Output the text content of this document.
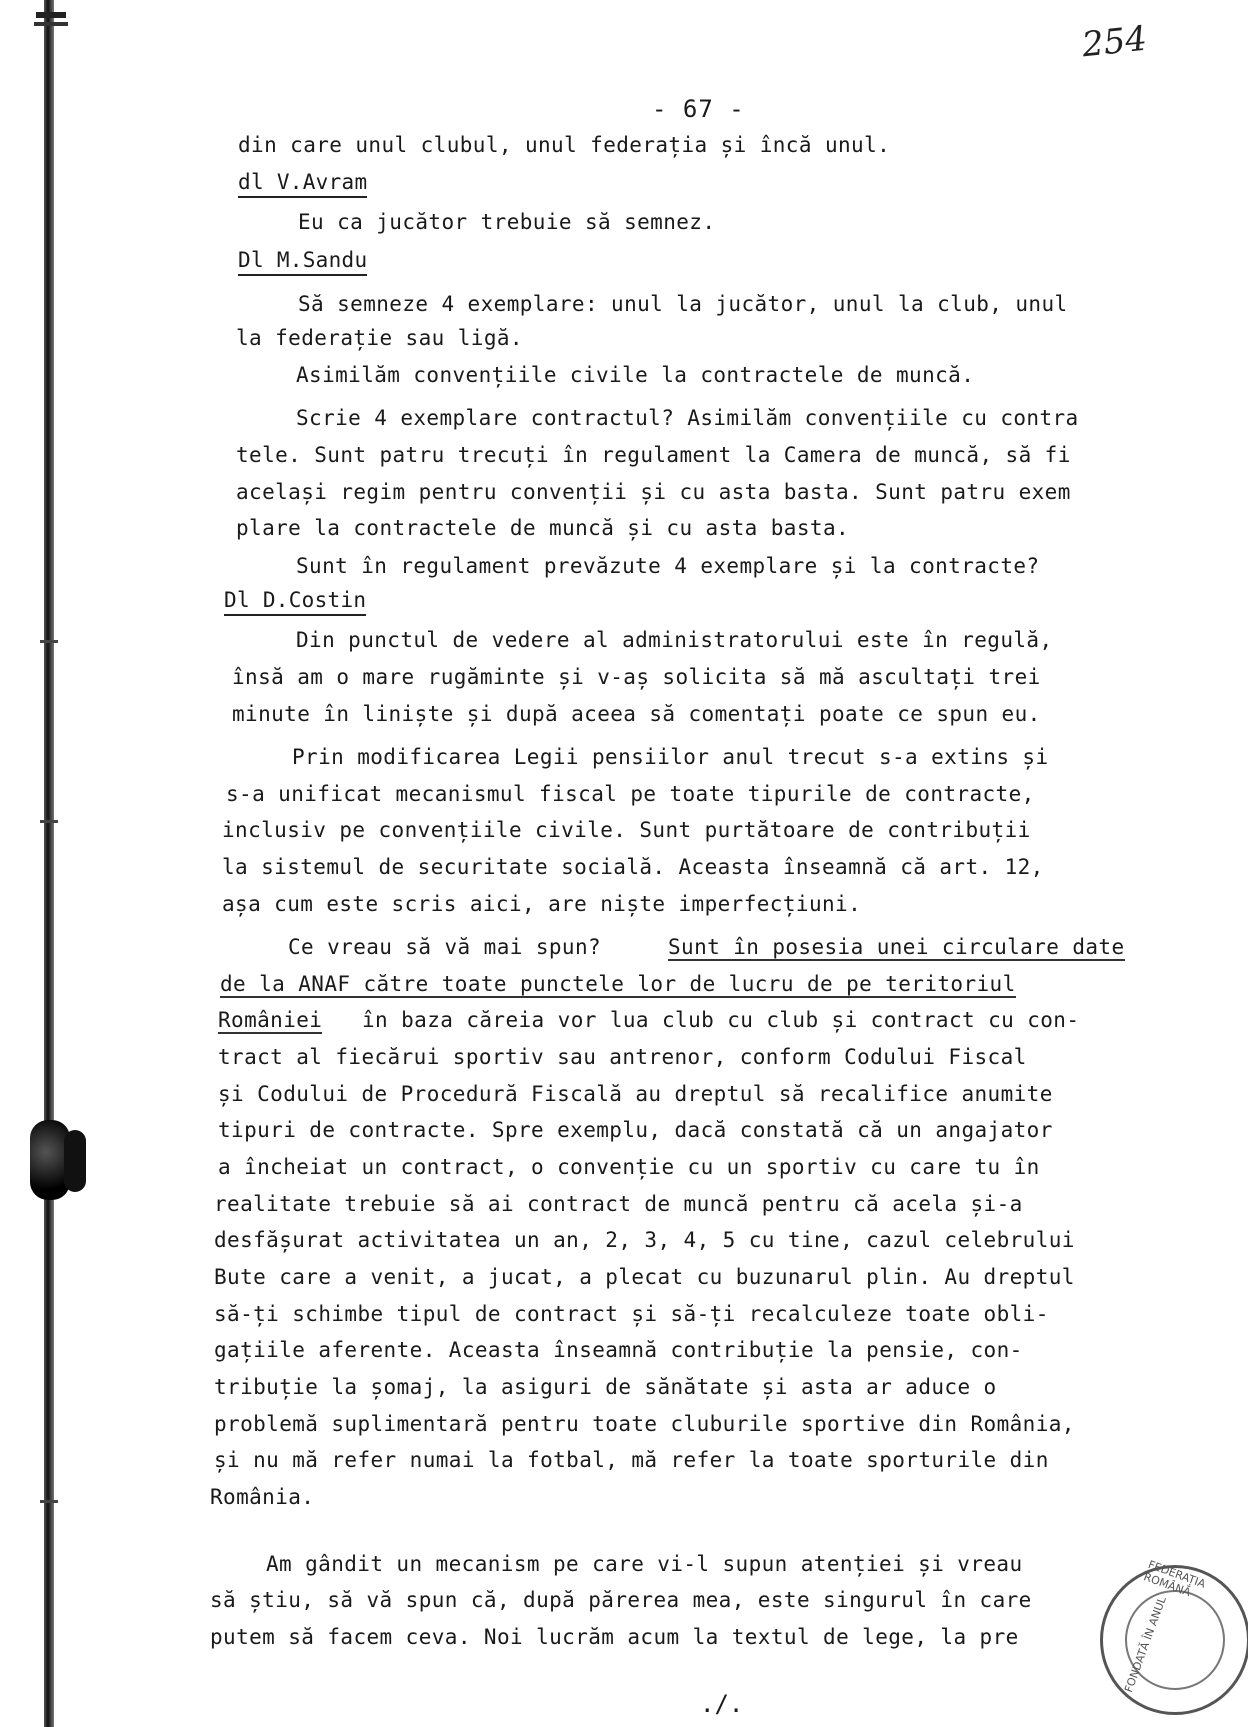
254
- 67 -
din care unul clubul, unul federația și încă unul.
dl V.Avram
Eu ca jucător trebuie să semnez.
Dl M.Sandu
Să semneze 4 exemplare: unul la jucător, unul la club, unul
la federație sau ligă.
Asimilăm convențiile civile la contractele de muncă.
Scrie 4 exemplare contractul? Asimilăm convențiile cu contra
tele. Sunt patru trecuți în regulament la Camera de muncă, să fi
același regim pentru convenții și cu asta basta. Sunt patru exem
plare la contractele de muncă și cu asta basta.
Sunt în regulament prevăzute 4 exemplare și la contracte?
Dl D.Costin
Din punctul de vedere al administratorului este în regulă,
însă am o mare rugăminte și v-aș solicita să mă ascultați trei
minute în liniște și după aceea să comentați poate ce spun eu.
Prin modificarea Legii pensiilor anul trecut s-a extins și
s-a unificat mecanismul fiscal pe toate tipurile de contracte,
inclusiv pe convențiile civile. Sunt purtătoare de contribuții
la sistemul de securitate socială. Aceasta înseamnă că art. 12,
așa cum este scris aici, are niște imperfecțiuni.
Ce vreau să vă mai spun?	Sunt în posesia unei circulare date
de la ANAF către toate punctele lor de lucru de pe teritoriul
României în baza căreia vor lua club cu club și contract cu con-
tract al fiecărui sportiv sau antrenor, conform Codului Fiscal
și Codului de Procedură Fiscală au dreptul să recalifice anumite
tipuri de contracte. Spre exemplu, dacă constată că un angajator
a încheiat un contract, o convenție cu un sportiv cu care tu în
realitate trebuie să ai contract de muncă pentru că acela și-a
desfășurat activitatea un an, 2, 3, 4, 5 cu tine, cazul celebrului
Bute care a venit, a jucat, a plecat cu buzunarul plin. Au dreptul
să-ți schimbe tipul de contract și să-ți recalculeze toate obli-
gațiile aferente. Aceasta înseamnă contribuție la pensie, con-
tribuție la șomaj, la asiguri de sănătate și asta ar aduce o
problemă suplimentară pentru toate cluburile sportive din România,
și nu mă refer numai la fotbal, mă refer la toate sporturile din
România.
Am gândit un mecanism pe care vi-l supun atenției și vreau
să știu, să vă spun că, după părerea mea, este singurul în care
putem să facem ceva. Noi lucrăm acum la textul de lege, la pre
./.
FEDERAȚIA ROMÂNĂ
FONDATĂ ÎN ANUL
